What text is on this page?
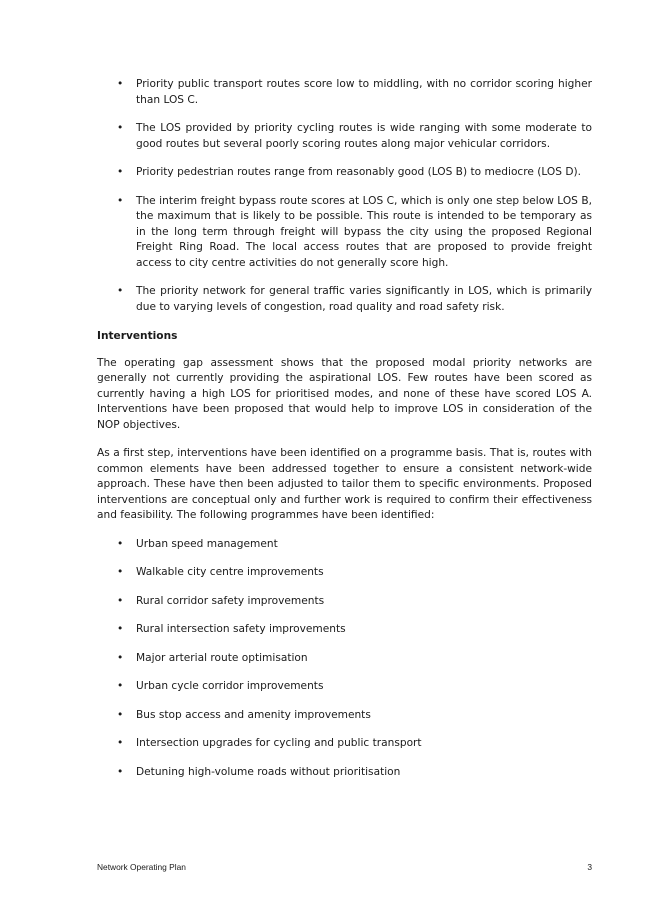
• Priority public transport routes score low to middling, with no corridor scoring higher than LOS C.
• The LOS provided by priority cycling routes is wide ranging with some moderate to good routes but several poorly scoring routes along major vehicular corridors.
• Priority pedestrian routes range from reasonably good (LOS B) to mediocre (LOS D).
• The interim freight bypass route scores at LOS C, which is only one step below LOS B, the maximum that is likely to be possible. This route is intended to be temporary as in the long term through freight will bypass the city using the proposed Regional Freight Ring Road. The local access routes that are proposed to provide freight access to city centre activities do not generally score high.
• The priority network for general traffic varies significantly in LOS, which is primarily due to varying levels of congestion, road quality and road safety risk.
Interventions

The operating gap assessment shows that the proposed modal priority networks are generally not currently providing the aspirational LOS. Few routes have been scored as currently having a high LOS for prioritised modes, and none of these have scored LOS A. Interventions have been proposed that would help to improve LOS in consideration of the NOP objectives.

As a first step, interventions have been identified on a programme basis. That is, routes with common elements have been addressed together to ensure a consistent network-wide approach. These have then been adjusted to tailor them to specific environments. Proposed interventions are conceptual only and further work is required to confirm their effectiveness and feasibility. The following programmes have been identified:

• Urban speed management
• Walkable city centre improvements
• Rural corridor safety improvements
• Rural intersection safety improvements
• Major arterial route optimisation
• Urban cycle corridor improvements
• Bus stop access and amenity improvements
• Intersection upgrades for cycling and public transport
• Detuning high-volume roads without prioritisation
Network Operating Plan	3
